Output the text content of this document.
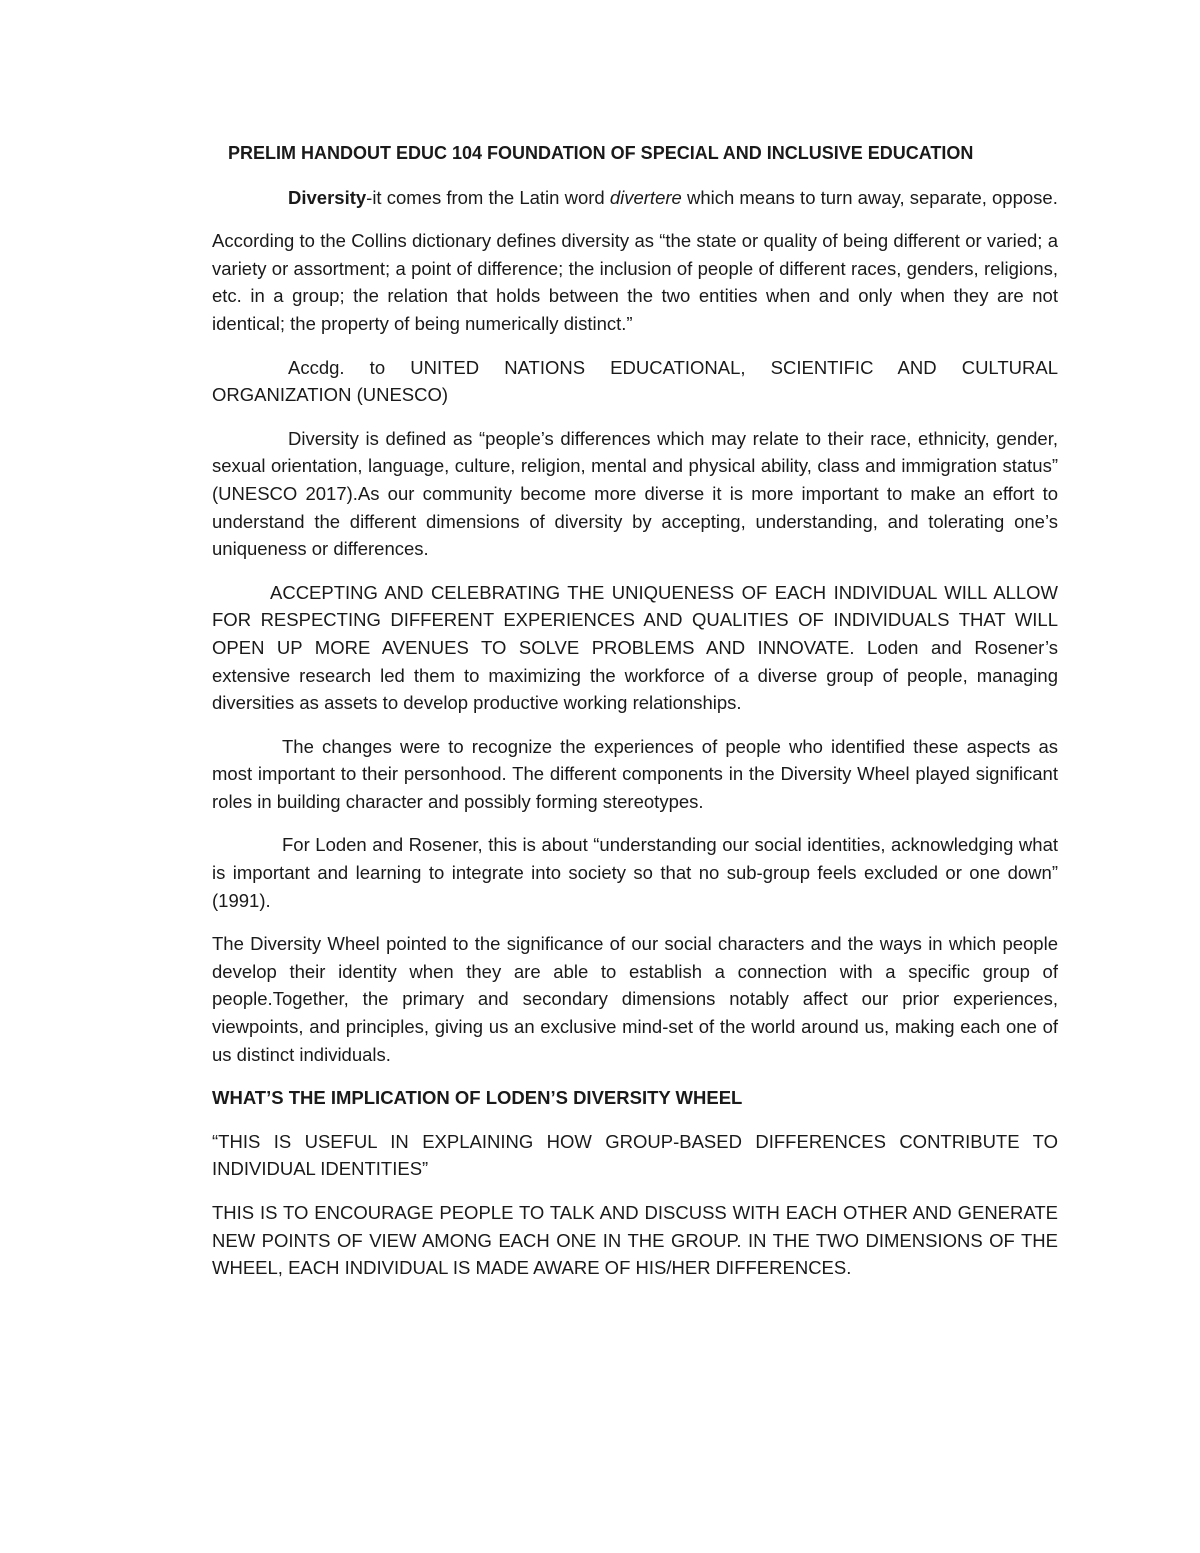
PRELIM HANDOUT EDUC 104 FOUNDATION OF SPECIAL AND INCLUSIVE EDUCATION

Diversity-it comes from the Latin word divertere which means to turn away, separate, oppose.

According to the Collins dictionary defines diversity as “the state or quality of being different or varied; a variety or assortment; a point of difference; the inclusion of people of different races, genders, religions, etc. in a group; the relation that holds between the two entities when and only when they are not identical; the property of being numerically distinct.”

Accdg. to UNITED NATIONS EDUCATIONAL, SCIENTIFIC AND CULTURAL ORGANIZATION (UNESCO)

Diversity is defined as “people’s differences which may relate to their race, ethnicity, gender, sexual orientation, language, culture, religion, mental and physical ability, class and immigration status” (UNESCO 2017).As our community become more diverse it is more important to make an effort to understand the different dimensions of diversity by accepting, understanding, and tolerating one’s uniqueness or differences.

ACCEPTING AND CELEBRATING THE UNIQUENESS OF EACH INDIVIDUAL WILL ALLOW FOR RESPECTING DIFFERENT EXPERIENCES AND QUALITIES OF INDIVIDUALS THAT WILL OPEN UP MORE AVENUES TO SOLVE PROBLEMS AND INNOVATE. Loden and Rosener’s extensive research led them to maximizing the workforce of a diverse group of people, managing diversities as assets to develop productive working relationships.

The changes were to recognize the experiences of people who identified these aspects as most important to their personhood. The different components in the Diversity Wheel played significant roles in building character and possibly forming stereotypes.

For Loden and Rosener, this is about “understanding our social identities, acknowledging what is important and learning to integrate into society so that no sub-group feels excluded or one down” (1991).

The Diversity Wheel pointed to the significance of our social characters and the ways in which people develop their identity when they are able to establish a connection with a specific group of people.Together, the primary and secondary dimensions notably affect our prior experiences, viewpoints, and principles, giving us an exclusive mind-set of the world around us, making each one of us distinct individuals.

WHAT’S THE IMPLICATION OF LODEN’S DIVERSITY WHEEL

“THIS IS USEFUL IN EXPLAINING HOW GROUP-BASED DIFFERENCES CONTRIBUTE TO INDIVIDUAL IDENTITIES”

THIS IS TO ENCOURAGE PEOPLE TO TALK AND DISCUSS WITH EACH OTHER AND GENERATE NEW POINTS OF VIEW AMONG EACH ONE IN THE GROUP. IN THE TWO DIMENSIONS OF THE WHEEL, EACH INDIVIDUAL IS MADE AWARE OF HIS/HER DIFFERENCES.
